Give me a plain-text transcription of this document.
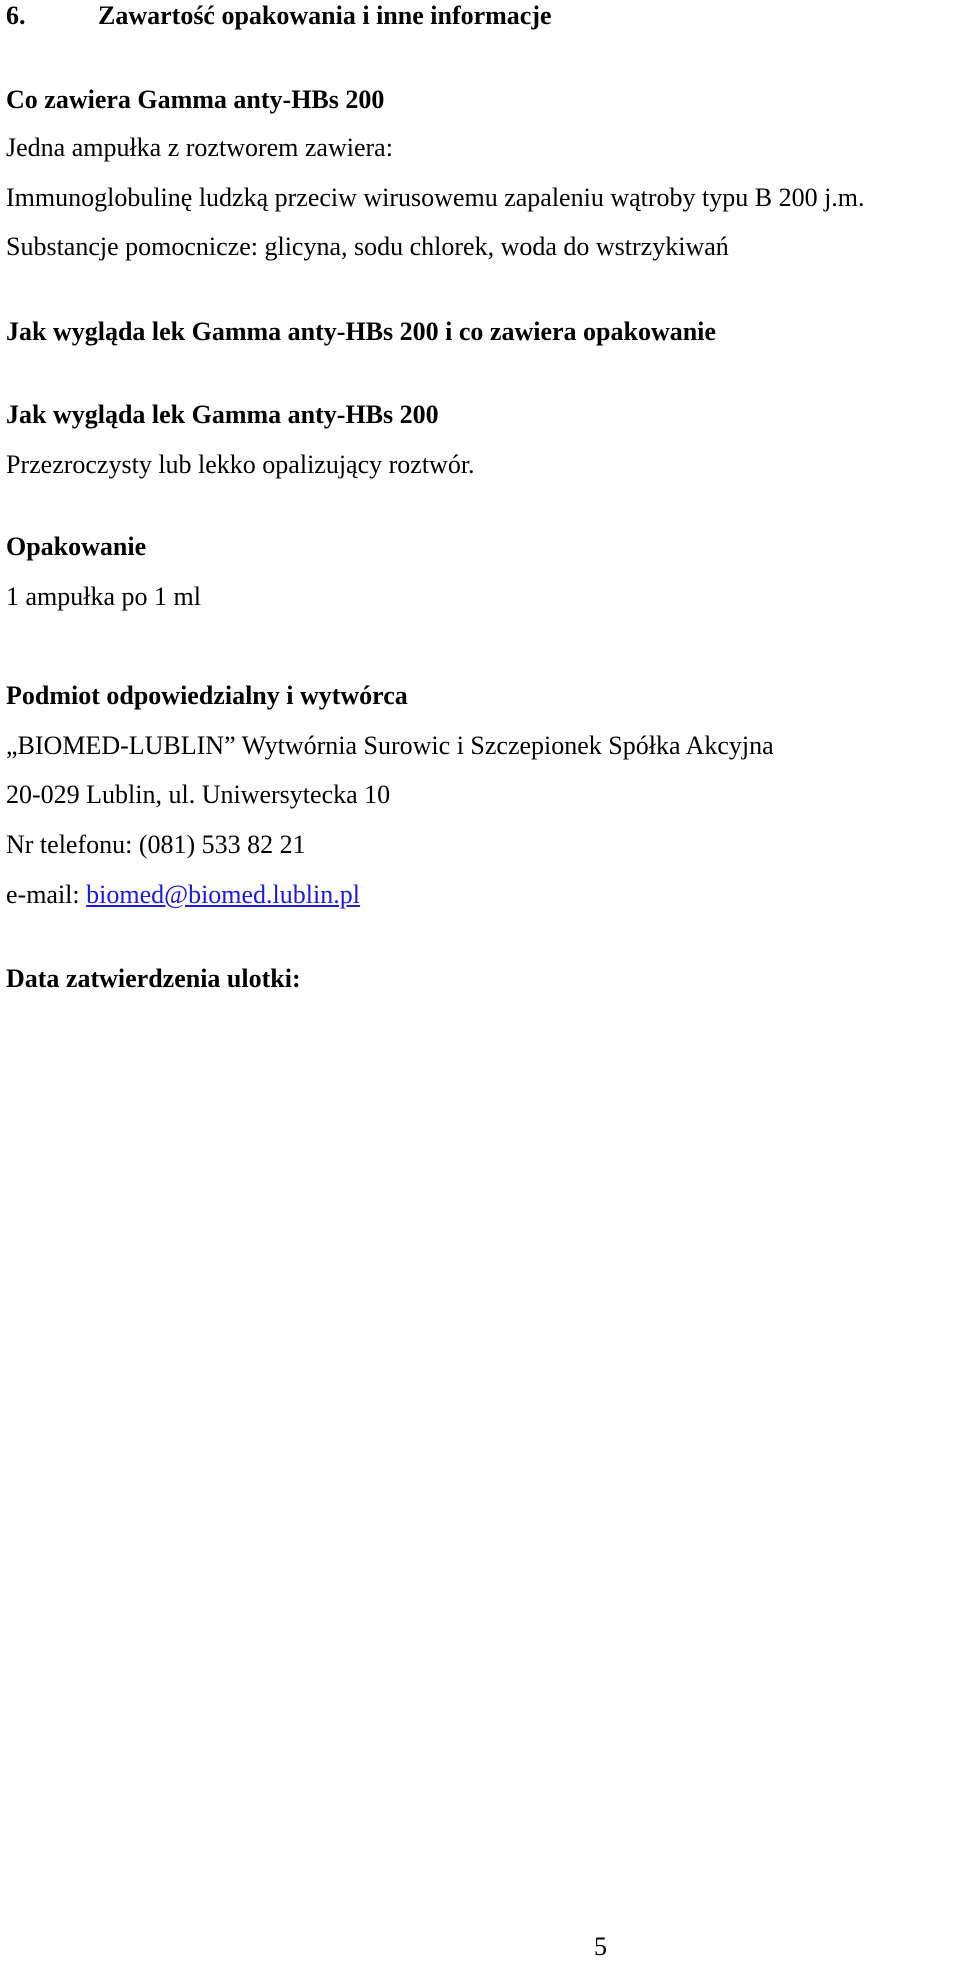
6.	Zawartość opakowania i inne informacje
Co zawiera Gamma anty-HBs 200
Jedna ampułka z roztworem zawiera:
Immunoglobulinę ludzką przeciw wirusowemu zapaleniu wątroby typu B 200 j.m.
Substancje pomocnicze: glicyna, sodu chlorek, woda do wstrzykiwań
Jak wygląda lek Gamma anty-HBs 200 i co zawiera opakowanie
Jak wygląda lek Gamma anty-HBs 200
Przezroczysty lub lekko opalizujący roztwór.
Opakowanie
1 ampułka po 1 ml
Podmiot odpowiedzialny i wytwórca
„BIOMED-LUBLIN” Wytwórnia Surowic i Szczepionek Spółka Akcyjna
20-029 Lublin, ul. Uniwersytecka 10
Nr telefonu: (081) 533 82 21
e-mail: biomed@biomed.lublin.pl
Data zatwierdzenia ulotki:
5
